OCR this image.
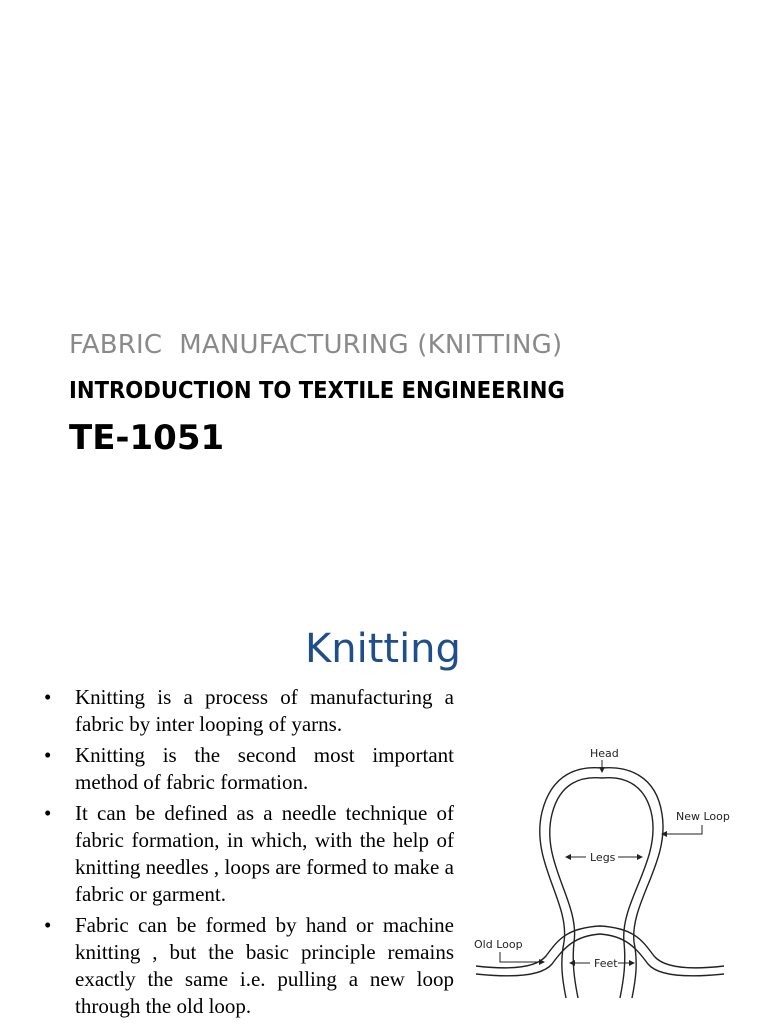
FABRIC  MANUFACTURING (KNITTING)
INTRODUCTION TO TEXTILE ENGINEERING
TE-1051
Knitting
• Knitting is a process of manufacturing a fabric by inter looping of yarns.
• Knitting is the second most important method of fabric formation.
• It can be defined as a needle technique of fabric formation, in which, with the help of knitting needles , loops are formed to make a fabric or garment.
• Fabric can be formed by hand or machine knitting , but the basic principle remains exactly the same i.e. pulling a new loop through the old loop.
Head
New Loop
Legs
Old Loop
Feet
